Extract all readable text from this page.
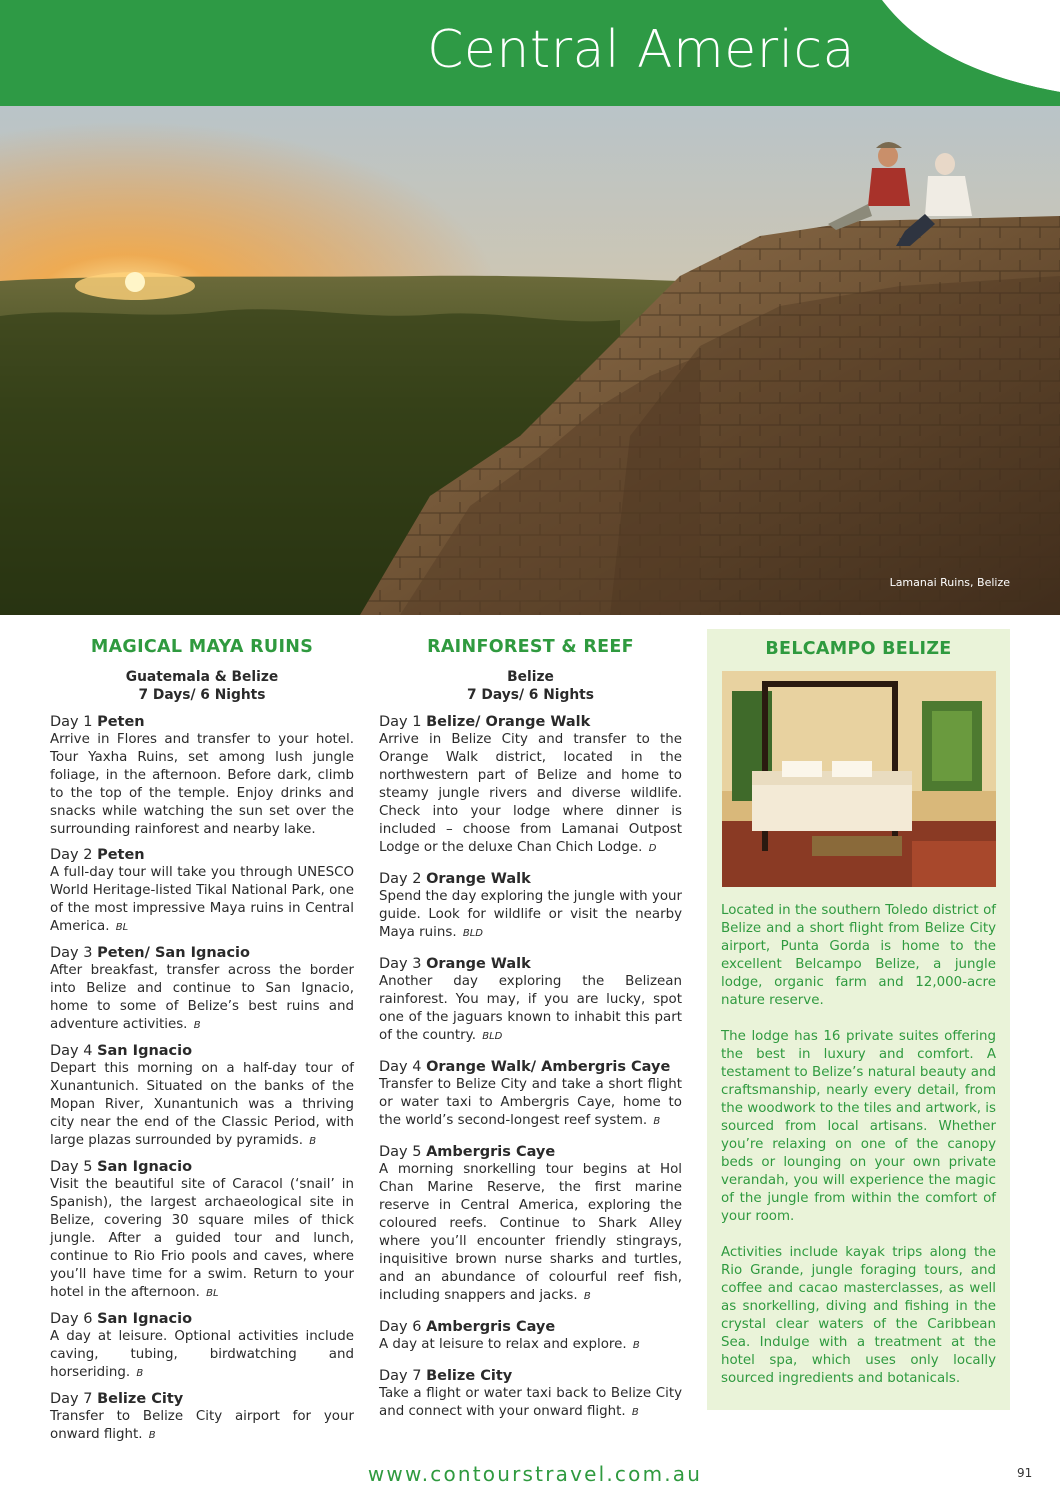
Central America
Lamanai Ruins, Belize
MAGICAL MAYA RUINS
Guatemala & Belize
7 Days/ 6 Nights
Day 1 Peten
Arrive in Flores and transfer to your hotel. Tour Yaxha Ruins, set among lush jungle foliage, in the afternoon. Before dark, climb to the top of the temple. Enjoy drinks and snacks while watching the sun set over the surrounding rainforest and nearby lake.
Day 2 Peten
A full-day tour will take you through UNESCO World Heritage-listed Tikal National Park, one of the most impressive Maya ruins in Central America. BL
Day 3 Peten/ San Ignacio
After breakfast, transfer across the border into Belize and continue to San Ignacio, home to some of Belize’s best ruins and adventure activities. B
Day 4 San Ignacio
Depart this morning on a half-day tour of Xunantunich. Situated on the banks of the Mopan River, Xunantunich was a thriving city near the end of the Classic Period, with large plazas surrounded by pyramids. B
Day 5 San Ignacio
Visit the beautiful site of Caracol (‘snail’ in Spanish), the largest archaeological site in Belize, covering 30 square miles of thick jungle. After a guided tour and lunch, continue to Rio Frio pools and caves, where you’ll have time for a swim. Return to your hotel in the afternoon. BL
Day 6 San Ignacio
A day at leisure. Optional activities include caving, tubing, birdwatching and horseriding. B
Day 7 Belize City
Transfer to Belize City airport for your onward flight. B
RAINFOREST & REEF
Belize
7 Days/ 6 Nights
Day 1 Belize/ Orange Walk
Arrive in Belize City and transfer to the Orange Walk district, located in the northwestern part of Belize and home to steamy jungle rivers and diverse wildlife. Check into your lodge where dinner is included – choose from Lamanai Outpost Lodge or the deluxe Chan Chich Lodge. D
Day 2 Orange Walk
Spend the day exploring the jungle with your guide. Look for wildlife or visit the nearby Maya ruins. BLD
Day 3 Orange Walk
Another day exploring the Belizean rainforest. You may, if you are lucky, spot one of the jaguars known to inhabit this part of the country. BLD
Day 4 Orange Walk/ Ambergris Caye
Transfer to Belize City and take a short flight or water taxi to Ambergris Caye, home to the world’s second-longest reef system. B
Day 5 Ambergris Caye
A morning snorkelling tour begins at Hol Chan Marine Reserve, the first marine reserve in Central America, exploring the coloured reefs. Continue to Shark Alley where you’ll encounter friendly stingrays, inquisitive brown nurse sharks and turtles, and an abundance of colourful reef fish, including snappers and jacks. B
Day 6 Ambergris Caye
A day at leisure to relax and explore. B
Day 7 Belize City
Take a flight or water taxi back to Belize City and connect with your onward flight. B
BELCAMPO BELIZE

Located in the southern Toledo district of Belize and a short flight from Belize City airport, Punta Gorda is home to the excellent Belcampo Belize, a jungle lodge, organic farm and 12,000-acre nature reserve.

The lodge has 16 private suites offering the best in luxury and comfort. A testament to Belize’s natural beauty and craftsmanship, nearly every detail, from the woodwork to the tiles and artwork, is sourced from local artisans. Whether you’re relaxing on one of the canopy beds or lounging on your own private verandah, you will experience the magic of the jungle from within the comfort of your room.

Activities include kayak trips along the Rio Grande, jungle foraging tours, and coffee and cacao masterclasses, as well as snorkelling, diving and fishing in the crystal clear waters of the Caribbean Sea. Indulge with a treatment at the hotel spa, which uses only locally sourced ingredients and botanicals.

www.contourstravel.com.au	91
